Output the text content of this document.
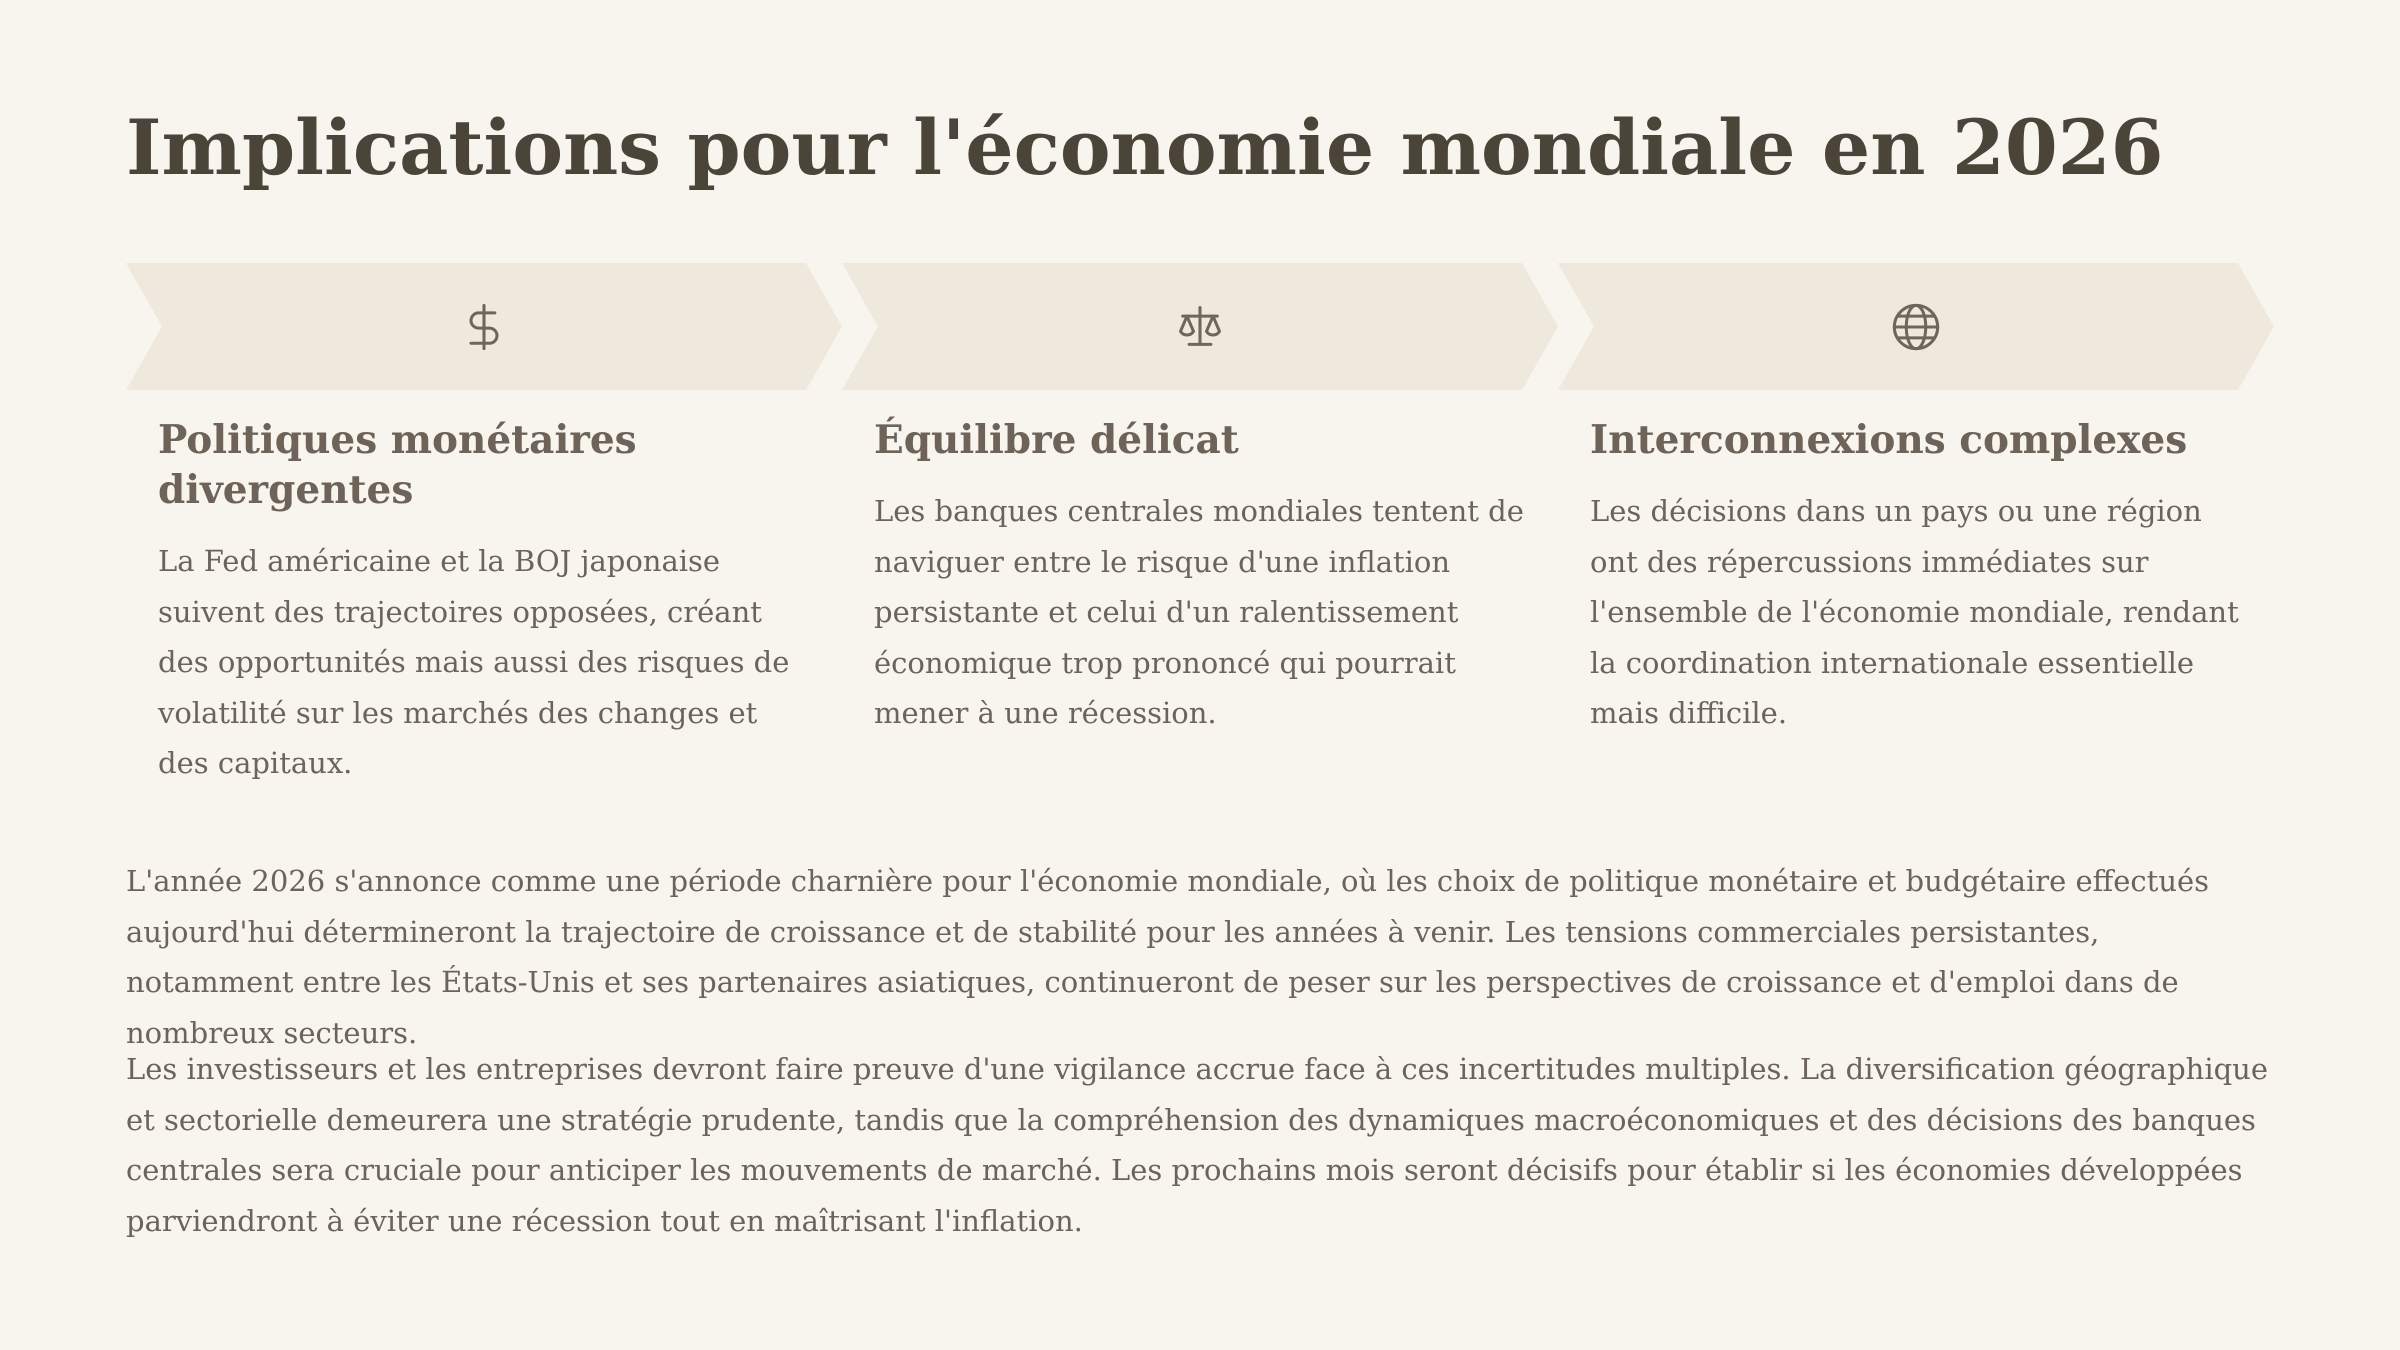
Implications pour l'économie mondiale en 2026
Politiques monétaires divergentes

La Fed américaine et la BOJ japonaise suivent des trajectoires opposées, créant des opportunités mais aussi des risques de volatilité sur les marchés des changes et des capitaux.

Équilibre délicat

Les banques centrales mondiales tentent de naviguer entre le risque d'une inflation persistante et celui d'un ralentissement économique trop prononcé qui pourrait mener à une récession.

Interconnexions complexes

Les décisions dans un pays ou une région ont des répercussions immédiates sur l'ensemble de l'économie mondiale, rendant la coordination internationale essentielle mais difficile.

L'année 2026 s'annonce comme une période charnière pour l'économie mondiale, où les choix de politique monétaire et budgétaire effectués aujourd'hui détermineront la trajectoire de croissance et de stabilité pour les années à venir. Les tensions commerciales persistantes, notamment entre les États-Unis et ses partenaires asiatiques, continueront de peser sur les perspectives de croissance et d'emploi dans de nombreux secteurs.

Les investisseurs et les entreprises devront faire preuve d'une vigilance accrue face à ces incertitudes multiples. La diversification géographique et sectorielle demeurera une stratégie prudente, tandis que la compréhension des dynamiques macroéconomiques et des décisions des banques centrales sera cruciale pour anticiper les mouvements de marché. Les prochains mois seront décisifs pour établir si les économies développées parviendront à éviter une récession tout en maîtrisant l'inflation.
